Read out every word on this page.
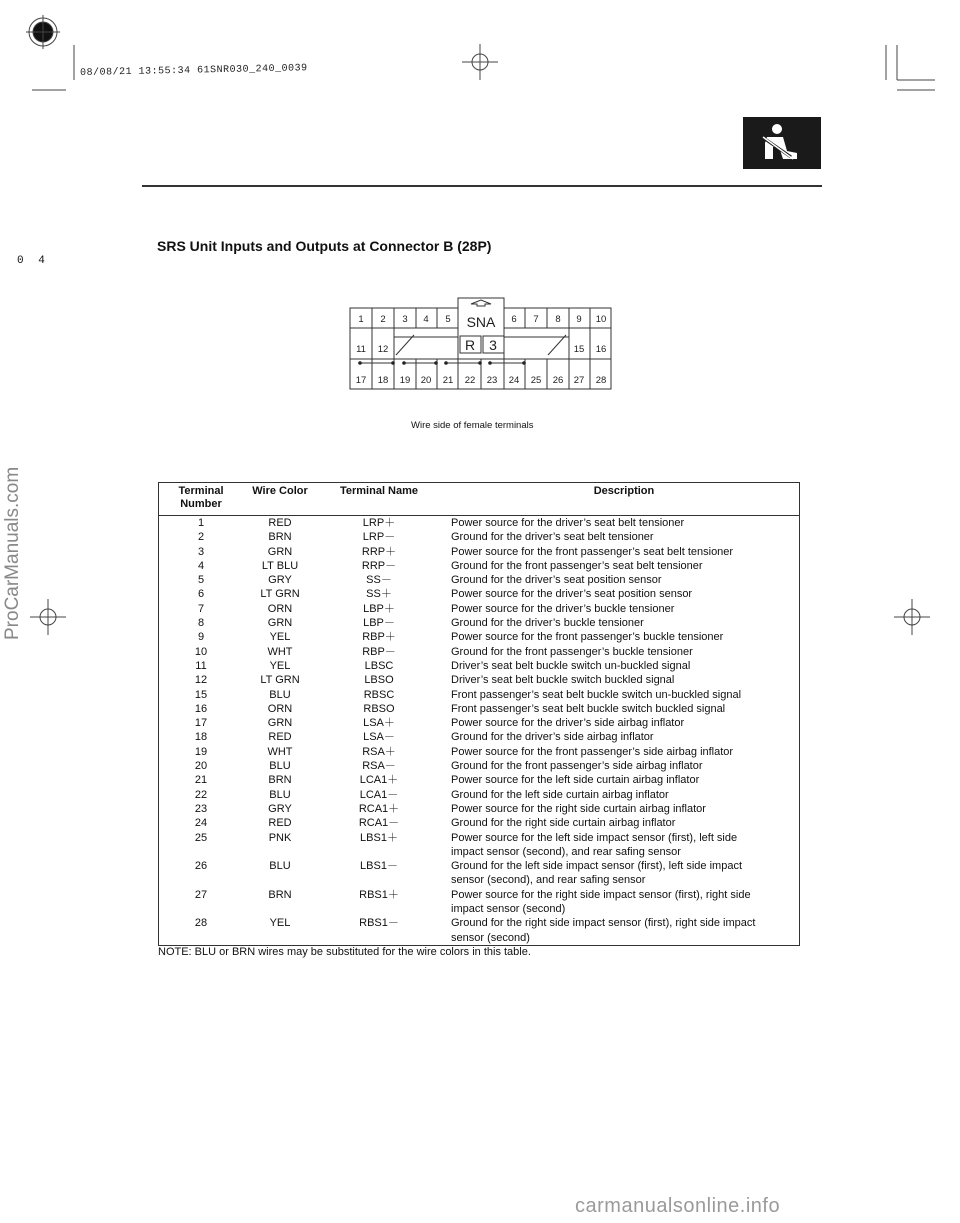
08/08/21 13:55:34 61SNR030_240_0039
SRS Unit Inputs and Outputs at Connector B (28P)
0 4
1 2 3 4 5	6 7 8 9 10
11 12	15 16
17 18 19 20 21 22 23 24 25 26 27 28
SNA
R 3
Wire side of female terminals
Terminal Number	Wire Color	Terminal Name	Description
1	RED	LRP＋	Power source for the driver’s seat belt tensioner

2	BRN	LRP－	Ground for the driver’s seat belt tensioner

3	GRN	RRP＋	Power source for the front passenger’s seat belt tensioner

4	LT BLU	RRP－	Ground for the front passenger’s seat belt tensioner

5	GRY	SS－	Ground for the driver’s seat position sensor

6	LT GRN	SS＋	Power source for the driver’s seat position sensor

7	ORN	LBP＋	Power source for the driver’s buckle tensioner

8	GRN	LBP－	Ground for the driver’s buckle tensioner

9	YEL	RBP＋	Power source for the front passenger’s buckle tensioner

10	WHT	RBP－	Ground for the front passenger’s buckle tensioner

11	YEL	LBSC	Driver’s seat belt buckle switch un-buckled signal

12	LT GRN	LBSO	Driver’s seat belt buckle switch buckled signal

15	BLU	RBSC	Front passenger’s seat belt buckle switch un-buckled signal

16	ORN	RBSO	Front passenger’s seat belt buckle switch buckled signal

17	GRN	LSA＋	Power source for the driver’s side airbag inflator

18	RED	LSA－	Ground for the driver’s side airbag inflator

19	WHT	RSA＋	Power source for the front passenger’s side airbag inflator

20	BLU	RSA－	Ground for the front passenger’s side airbag inflator

21	BRN	LCA1＋	Power source for the left side curtain airbag inflator

22	BLU	LCA1－	Ground for the left side curtain airbag inflator

23	GRY	RCA1＋	Power source for the right side curtain airbag inflator

24	RED	RCA1－	Ground for the right side curtain airbag inflator

25	PNK	LBS1＋	Power source for the left side impact sensor (first), left side
impact sensor (second), and rear safing sensor

26	BLU	LBS1－	Ground for the left side impact sensor (first), left side impact
sensor (second), and rear safing sensor

27	BRN	RBS1＋	Power source for the right side impact sensor (first), right side
impact sensor (second)

28	YEL	RBS1－	Ground for the right side impact sensor (first), right side impact
sensor (second)
NOTE: BLU or BRN wires may be substituted for the wire colors in this table.
ProCarManuals.com
carmanualsonline.info
